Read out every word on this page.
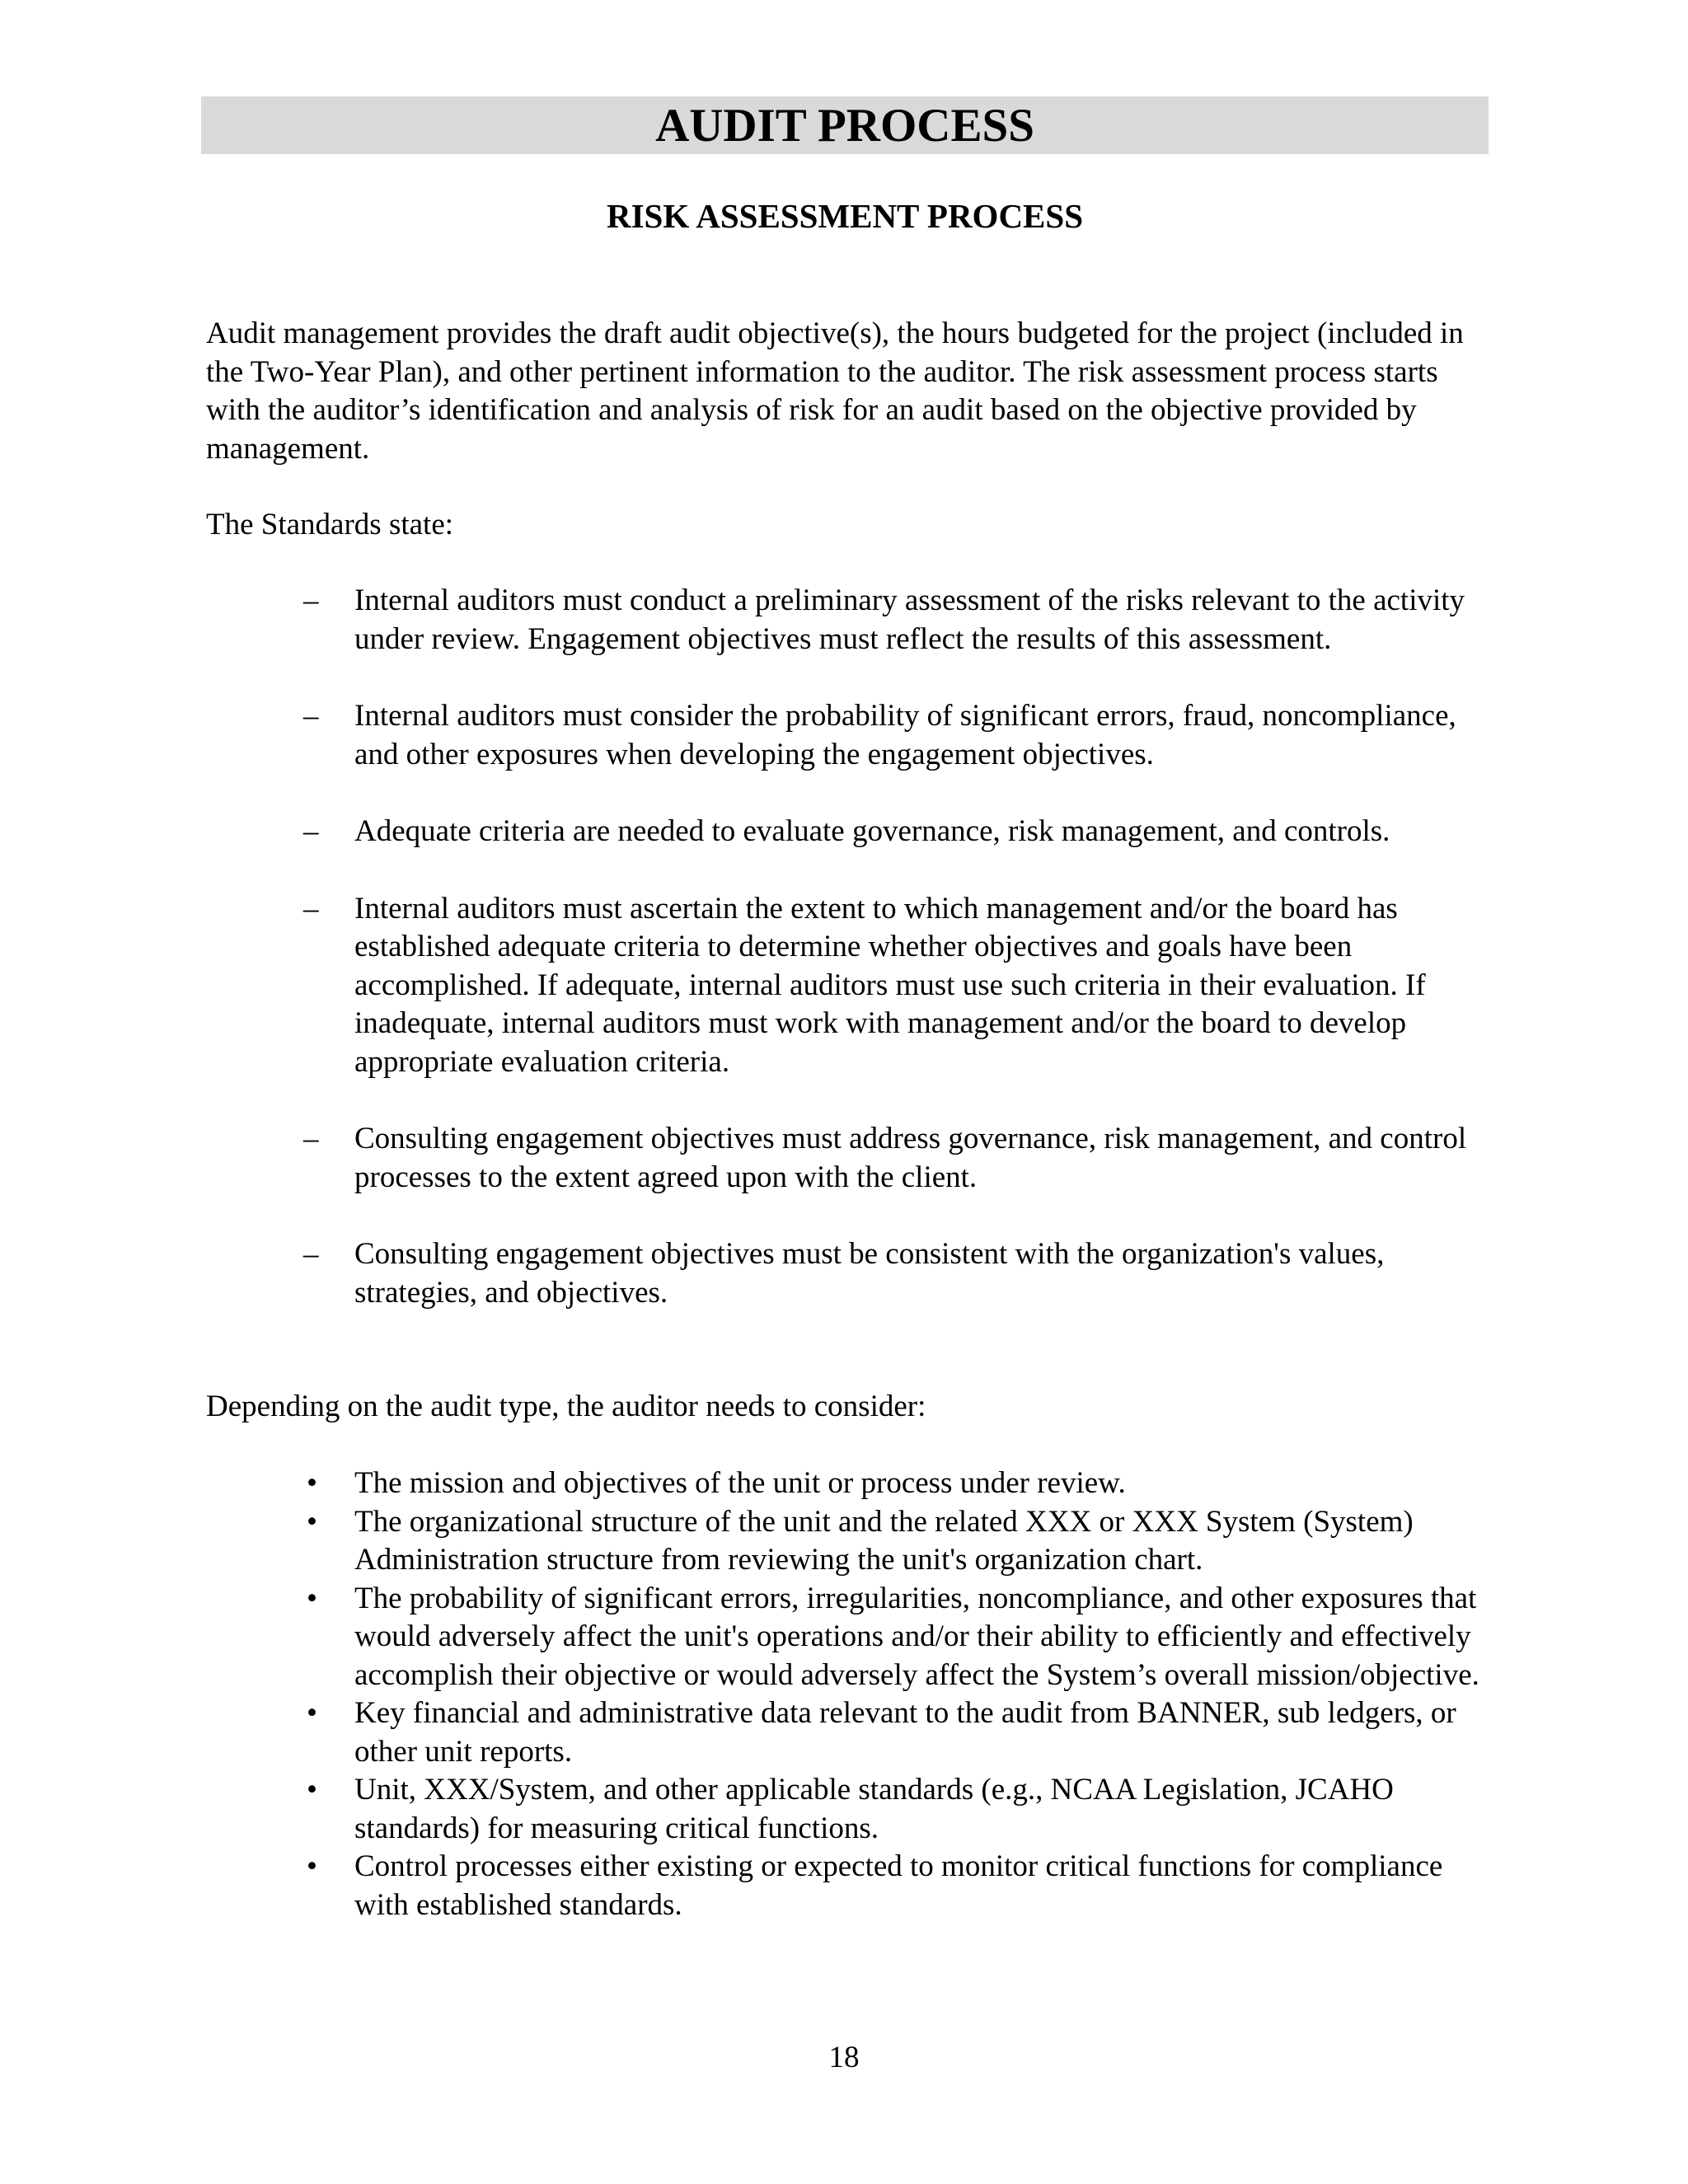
AUDIT PROCESS
RISK ASSESSMENT PROCESS

Audit management provides the draft audit objective(s), the hours budgeted for the project (included in the Two-Year Plan), and other pertinent information to the auditor. The risk assessment process starts with the auditor’s identification and analysis of risk for an audit based on the objective provided by management.

The Standards state:

– Internal auditors must conduct a preliminary assessment of the risks relevant to the activity under review. Engagement objectives must reflect the results of this assessment.
– Internal auditors must consider the probability of significant errors, fraud, noncompliance, and other exposures when developing the engagement objectives.
– Adequate criteria are needed to evaluate governance, risk management, and controls.
– Internal auditors must ascertain the extent to which management and/or the board has established adequate criteria to determine whether objectives and goals have been accomplished. If adequate, internal auditors must use such criteria in their evaluation. If inadequate, internal auditors must work with management and/or the board to develop appropriate evaluation criteria.
– Consulting engagement objectives must address governance, risk management, and control processes to the extent agreed upon with the client.
– Consulting engagement objectives must be consistent with the organization's values, strategies, and objectives.

Depending on the audit type, the auditor needs to consider:

• The mission and objectives of the unit or process under review.
• The organizational structure of the unit and the related XXX or XXX System (System) Administration structure from reviewing the unit's organization chart.
• The probability of significant errors, irregularities, noncompliance, and other exposures that would adversely affect the unit's operations and/or their ability to efficiently and effectively accomplish their objective or would adversely affect the System’s overall mission/objective.
• Key financial and administrative data relevant to the audit from BANNER, sub ledgers, or other unit reports.
• Unit, XXX/System, and other applicable standards (e.g., NCAA Legislation, JCAHO standards) for measuring critical functions.
• Control processes either existing or expected to monitor critical functions for compliance with established standards.

18
